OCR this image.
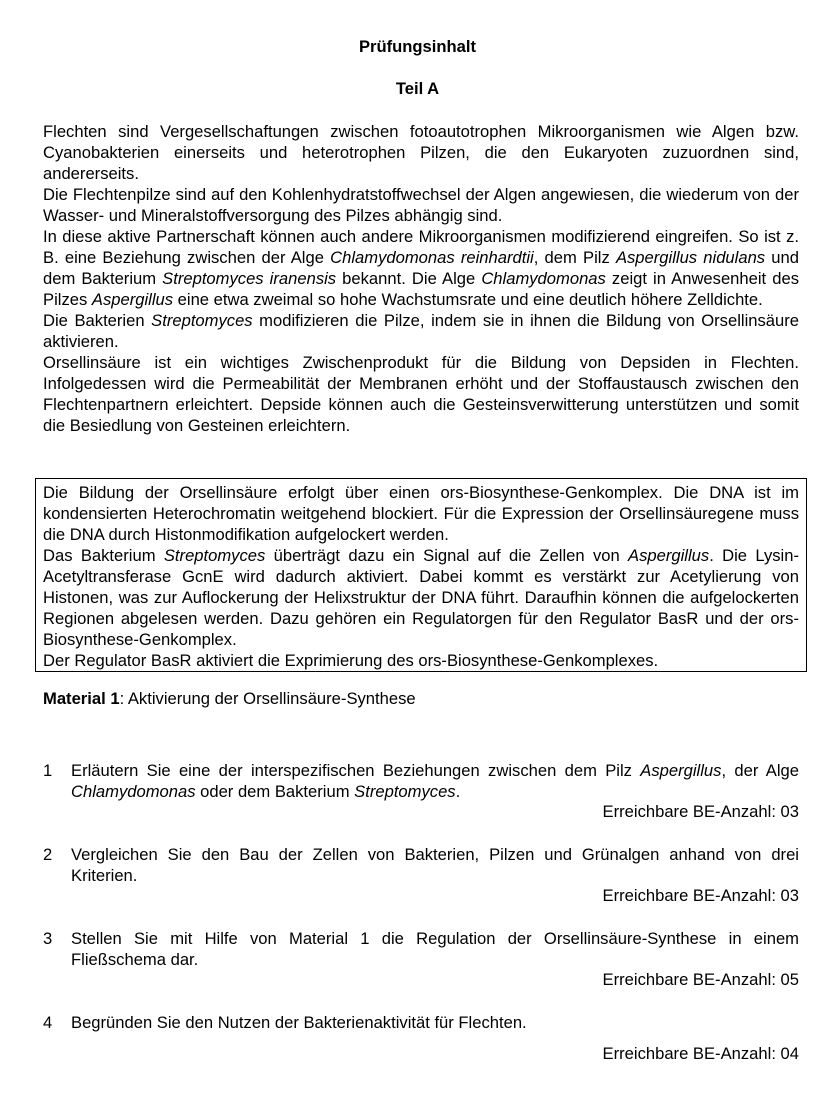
Prüfungsinhalt
Teil A

Flechten sind Vergesellschaftungen zwischen fotoautotrophen Mikroorganismen wie Algen bzw. Cyanobakterien einerseits und heterotrophen Pilzen, die den Eukaryoten zuzuordnen sind, andererseits.

Die Flechtenpilze sind auf den Kohlenhydratstoffwechsel der Algen angewiesen, die wiederum von der Wasser- und Mineralstoffversorgung des Pilzes abhängig sind.

In diese aktive Partnerschaft können auch andere Mikroorganismen modifizierend eingreifen. So ist z. B. eine Beziehung zwischen der Alge Chlamydomonas reinhardtii, dem Pilz Aspergillus nidulans und dem Bakterium Streptomyces iranensis bekannt. Die Alge Chlamydomonas zeigt in Anwesenheit des Pilzes Aspergillus eine etwa zweimal so hohe Wachstumsrate und eine deutlich höhere Zelldichte.

Die Bakterien Streptomyces modifizieren die Pilze, indem sie in ihnen die Bildung von Orsellinsäure aktivieren.

Orsellinsäure ist ein wichtiges Zwischenprodukt für die Bildung von Depsiden in Flechten. Infolgedessen wird die Permeabilität der Membranen erhöht und der Stoffaustausch zwischen den Flechtenpartnern erleichtert. Depside können auch die Gesteinsverwitterung unterstützen und somit die Besiedlung von Gesteinen erleichtern.

Die Bildung der Orsellinsäure erfolgt über einen ors-Biosynthese-Genkomplex. Die DNA ist im kondensierten Heterochromatin weitgehend blockiert. Für die Expression der Orsellinsäuregene muss die DNA durch Histonmodifikation aufgelockert werden.

Das Bakterium Streptomyces überträgt dazu ein Signal auf die Zellen von Aspergillus. Die Lysin-Acetyltransferase GcnE wird dadurch aktiviert. Dabei kommt es verstärkt zur Acetylierung von Histonen, was zur Auflockerung der Helixstruktur der DNA führt. Daraufhin können die aufgelockerten Regionen abgelesen werden. Dazu gehören ein Regulatorgen für den Regulator BasR und der ors-Biosynthese-Genkomplex.

Der Regulator BasR aktiviert die Exprimierung des ors-Biosynthese-Genkomplexes.

Material 1: Aktivierung der Orsellinsäure-Synthese
1	Erläutern Sie eine der interspezifischen Beziehungen zwischen dem Pilz Aspergillus, der Alge Chlamydomonas oder dem Bakterium Streptomyces.
Erreichbare BE-Anzahl: 03
2	Vergleichen Sie den Bau der Zellen von Bakterien, Pilzen und Grünalgen anhand von drei Kriterien.
Erreichbare BE-Anzahl: 03
3	Stellen Sie mit Hilfe von Material 1 die Regulation der Orsellinsäure-Synthese in einem Fließschema dar.
Erreichbare BE-Anzahl: 05
4	Begründen Sie den Nutzen der Bakterienaktivität für Flechten.
Erreichbare BE-Anzahl: 04
